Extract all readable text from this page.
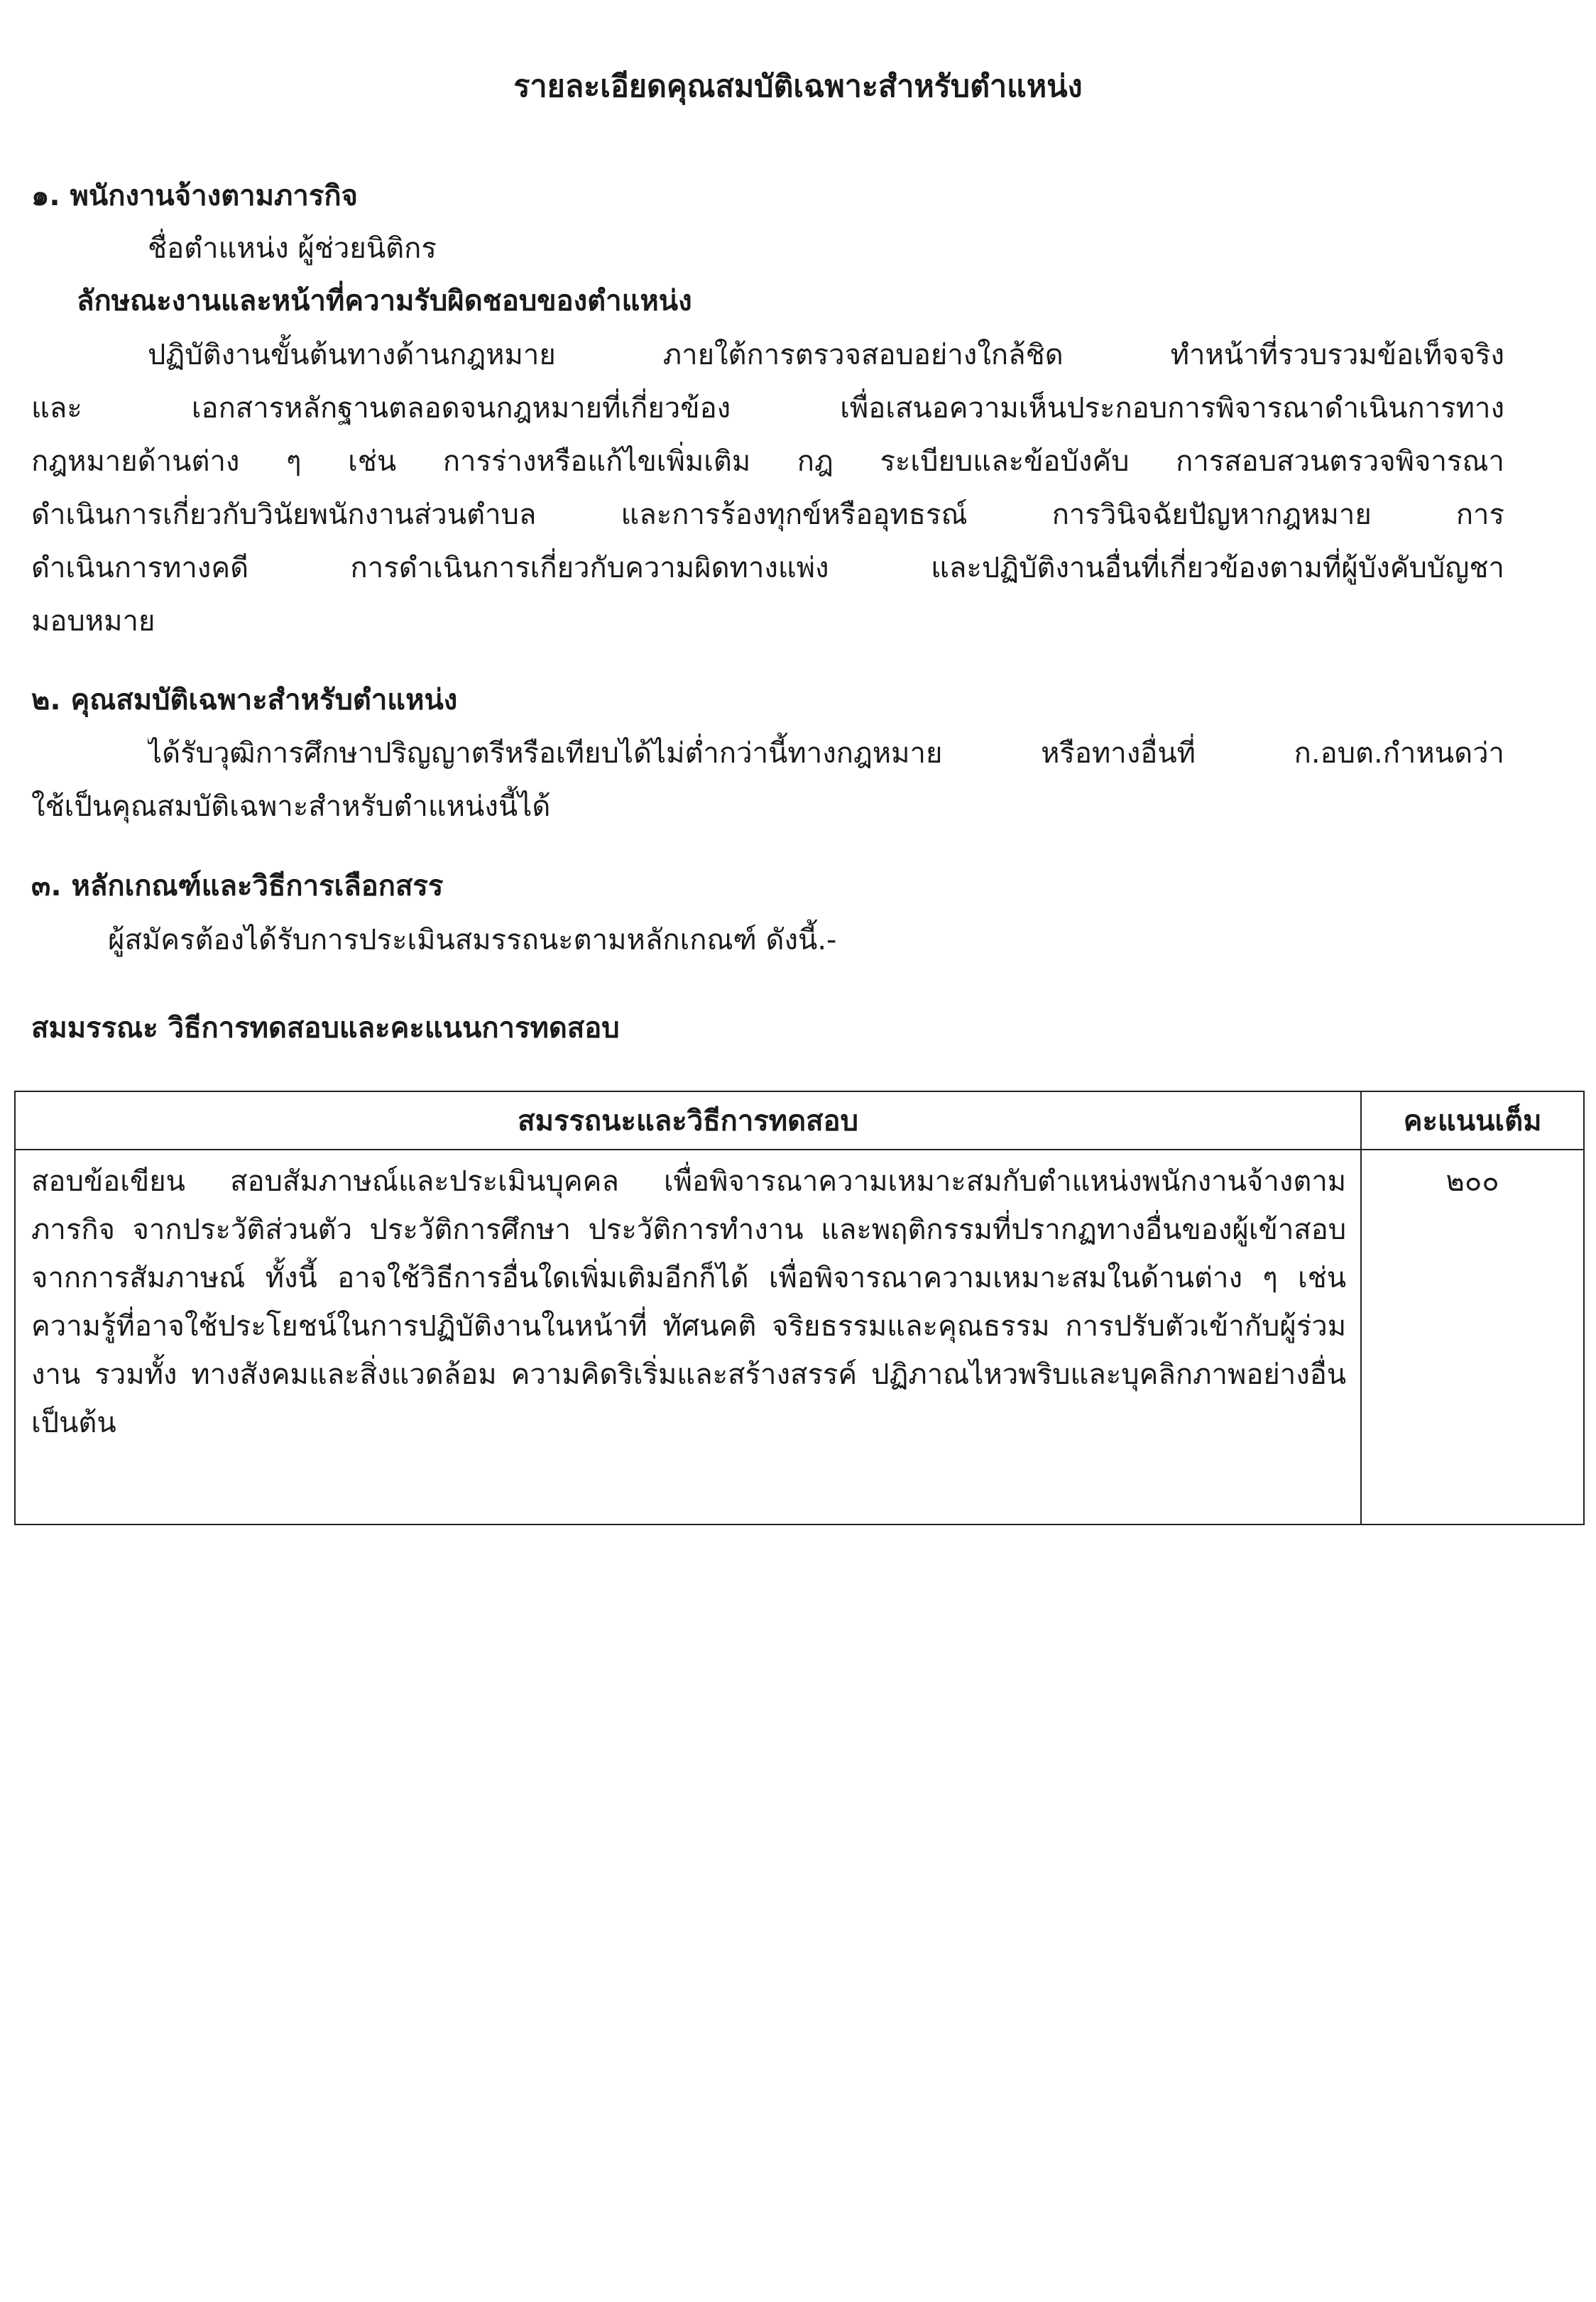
รายละเอียดคุณสมบัติเฉพาะสำหรับตำแหน่ง
๑. พนักงานจ้างตามภารกิจ
ชื่อตำแหน่ง ผู้ช่วยนิติกร
ลักษณะงานและหน้าที่ความรับผิดชอบของตำแหน่ง
ปฏิบัติงานขั้นต้นทางด้านกฎหมาย ภายใต้การตรวจสอบอย่างใกล้ชิด ทำหน้าที่รวบรวมข้อเท็จจริง
และ เอกสารหลักฐานตลอดจนกฎหมายที่เกี่ยวข้อง เพื่อเสนอความเห็นประกอบการพิจารณาดำเนินการทาง
กฎหมายด้านต่าง ๆ เช่น การร่างหรือแก้ไขเพิ่มเติม กฎ ระเบียบและข้อบังคับ การสอบสวนตรวจพิจารณา
ดำเนินการเกี่ยวกับวินัยพนักงานส่วนตำบล และการร้องทุกข์หรืออุทธรณ์ การวินิจฉัยปัญหากฎหมาย การ
ดำเนินการทางคดี การดำเนินการเกี่ยวกับความผิดทางแพ่ง และปฏิบัติงานอื่นที่เกี่ยวข้องตามที่ผู้บังคับบัญชา
มอบหมาย
๒. คุณสมบัติเฉพาะสำหรับตำแหน่ง
ได้รับวุฒิการศึกษาปริญญาตรีหรือเทียบได้ไม่ต่ำกว่านี้ทางกฎหมาย หรือทางอื่นที่ ก.อบต.กำหนดว่า
ใช้เป็นคุณสมบัติเฉพาะสำหรับตำแหน่งนี้ได้
๓. หลักเกณฑ์และวิธีการเลือกสรร
ผู้สมัครต้องได้รับการประเมินสมรรถนะตามหลักเกณฑ์ ดังนี้.-
สมมรรณะ วิธีการทดสอบและคะแนนการทดสอบ
สมรรถนะและวิธีการทดสอบ	คะแนนเต็ม

สอบข้อเขียน สอบสัมภาษณ์และประเมินบุคคล เพื่อพิจารณาความเหมาะสมกับตำแหน่งพนักงานจ้างตามภารกิจ จากประวัติส่วนตัว ประวัติการศึกษา ประวัติการทำงาน และพฤติกรรมที่ปรากฏทางอื่นของผู้เข้าสอบจากการสัมภาษณ์ ทั้งนี้ อาจใช้วิธีการอื่นใดเพิ่มเติมอีกก็ได้ เพื่อพิจารณาความเหมาะสมในด้านต่าง ๆ เช่น ความรู้ที่อาจใช้ประโยชน์ในการปฏิบัติงานในหน้าที่ ทัศนคติ จริยธรรมและคุณธรรม การปรับตัวเข้ากับผู้ร่วมงาน รวมทั้ง ทางสังคมและสิ่งแวดล้อม ความคิดริเริ่มและสร้างสรรค์ ปฏิภาณไหวพริบและบุคลิกภาพอย่างอื่น เป็นต้น	๒๐๐
